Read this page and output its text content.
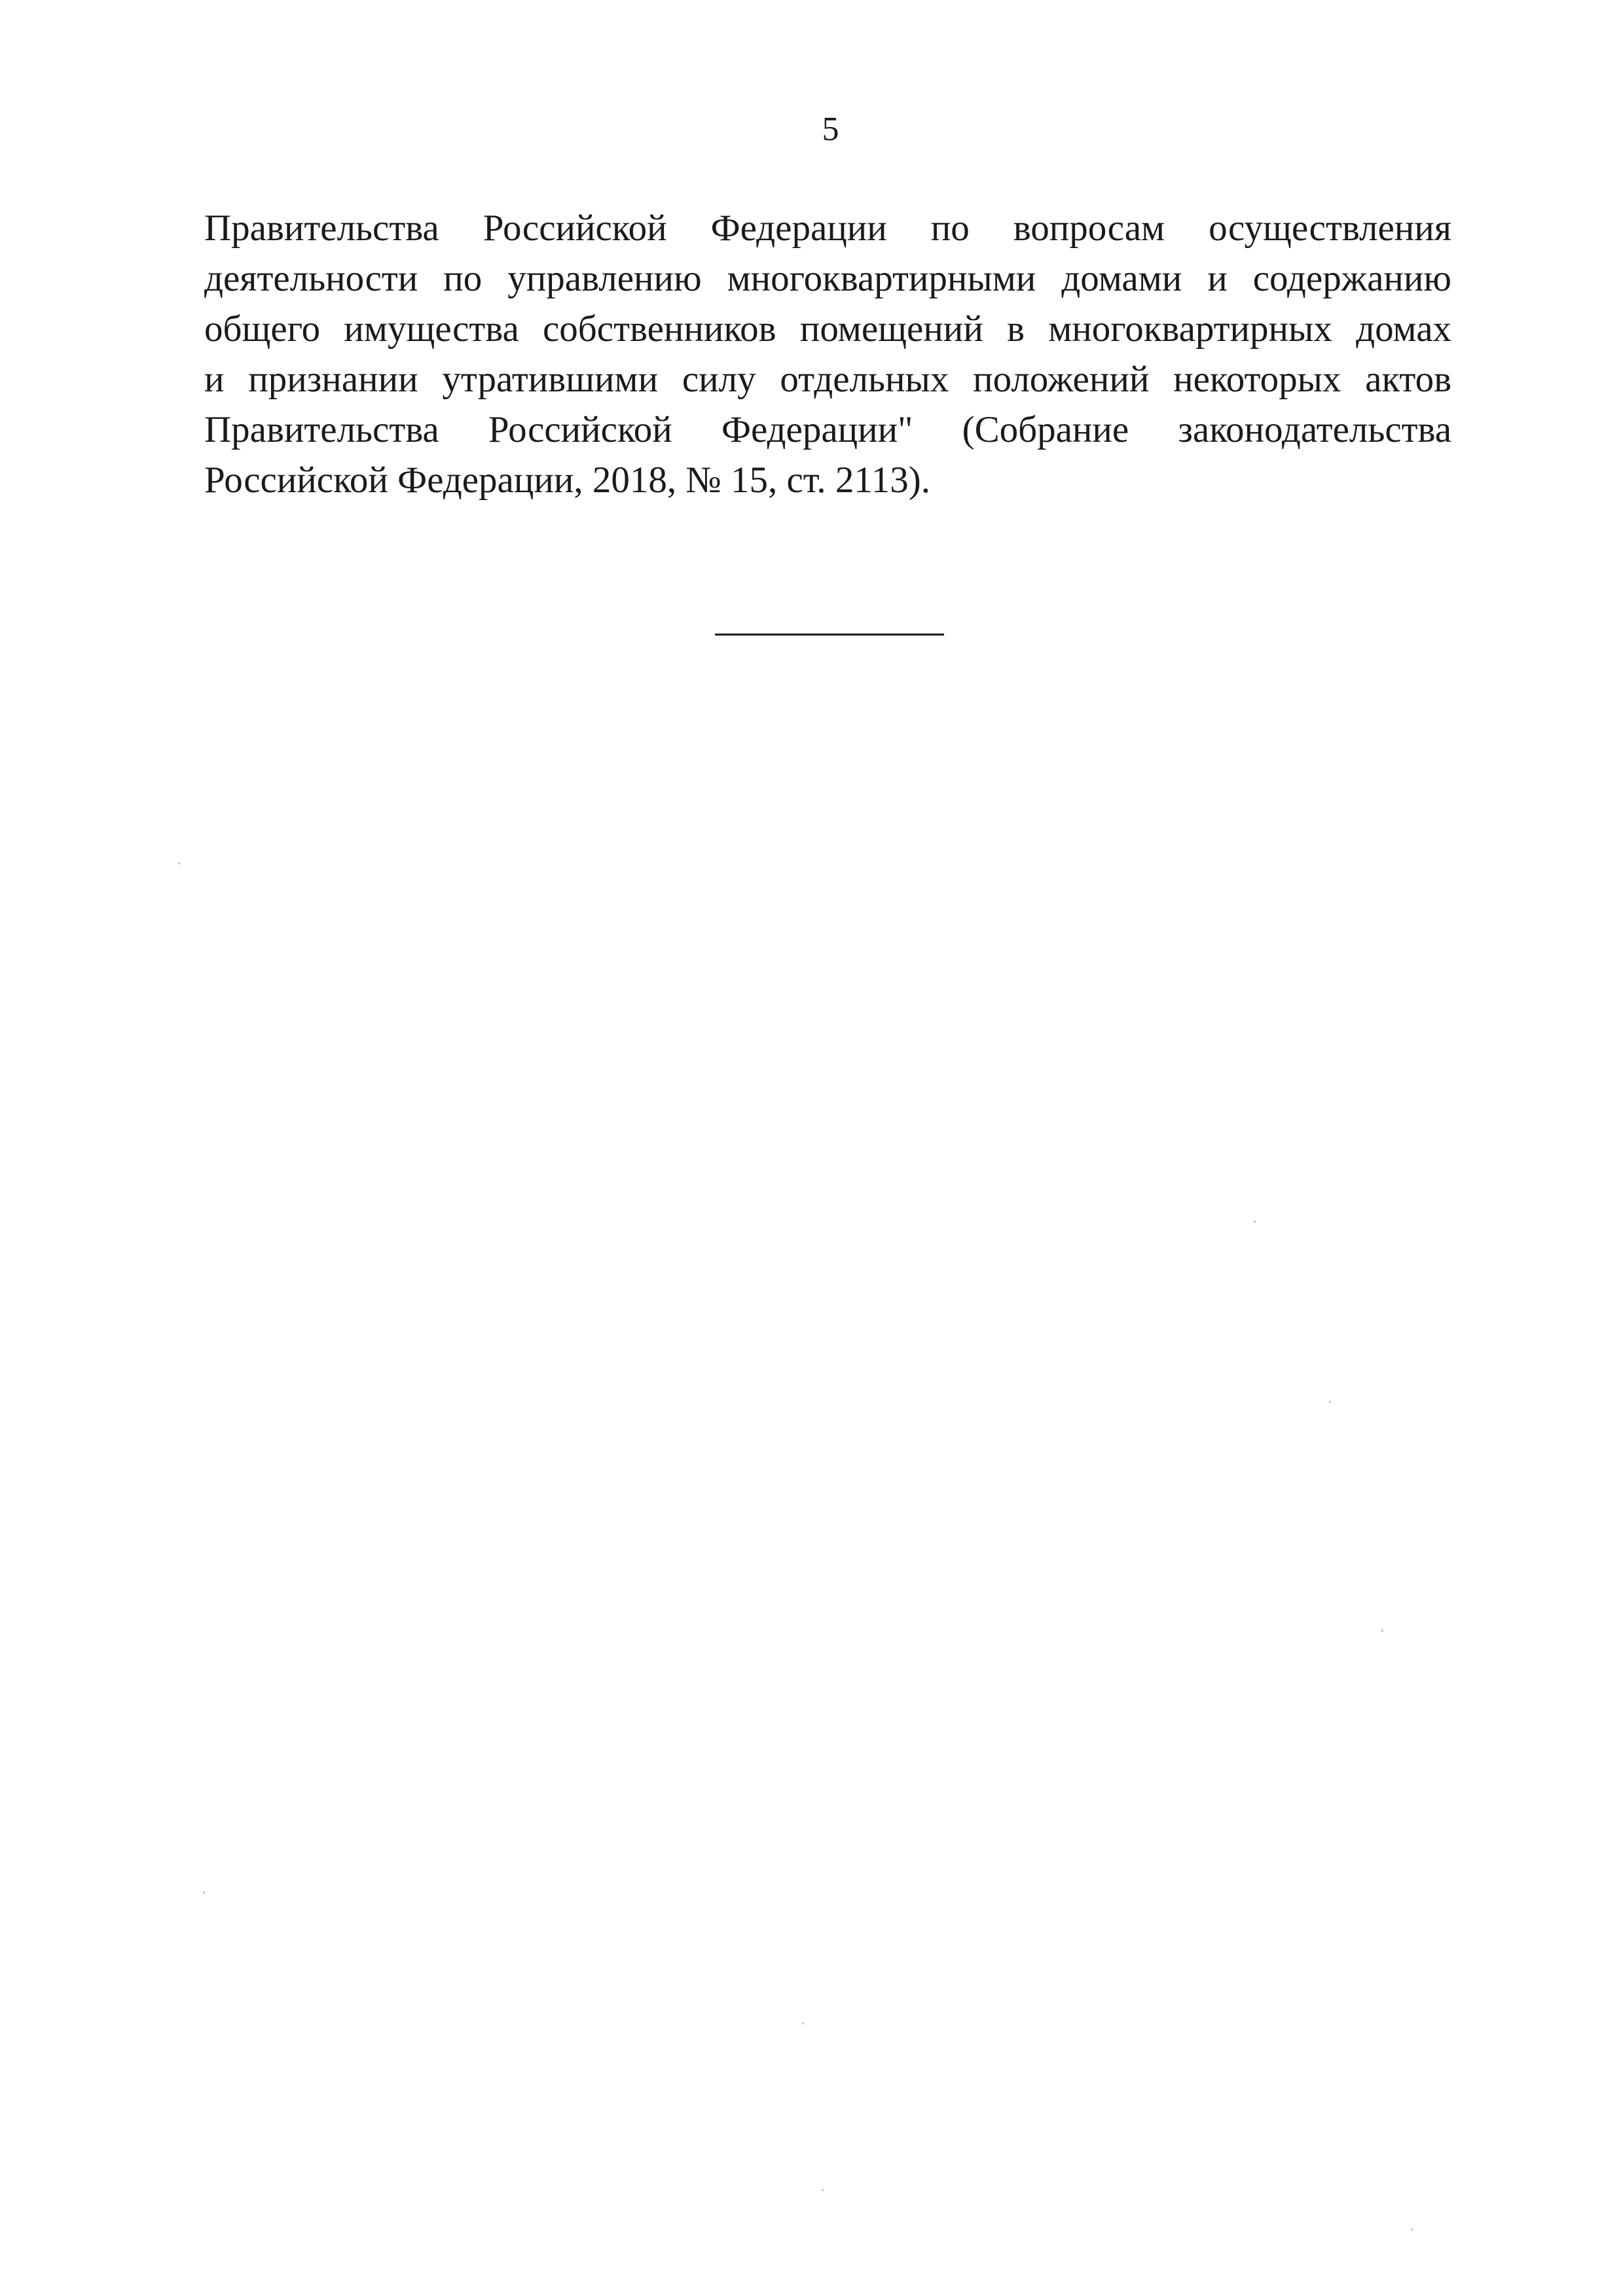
5
Правительства Российской Федерации по вопросам осуществления
деятельности по управлению многоквартирными домами и содержанию
общего имущества собственников помещений в многоквартирных домах
и признании утратившими силу отдельных положений некоторых актов
Правительства Российской Федерации" (Собрание законодательства
Российской Федерации, 2018, № 15, ст. 2113).
